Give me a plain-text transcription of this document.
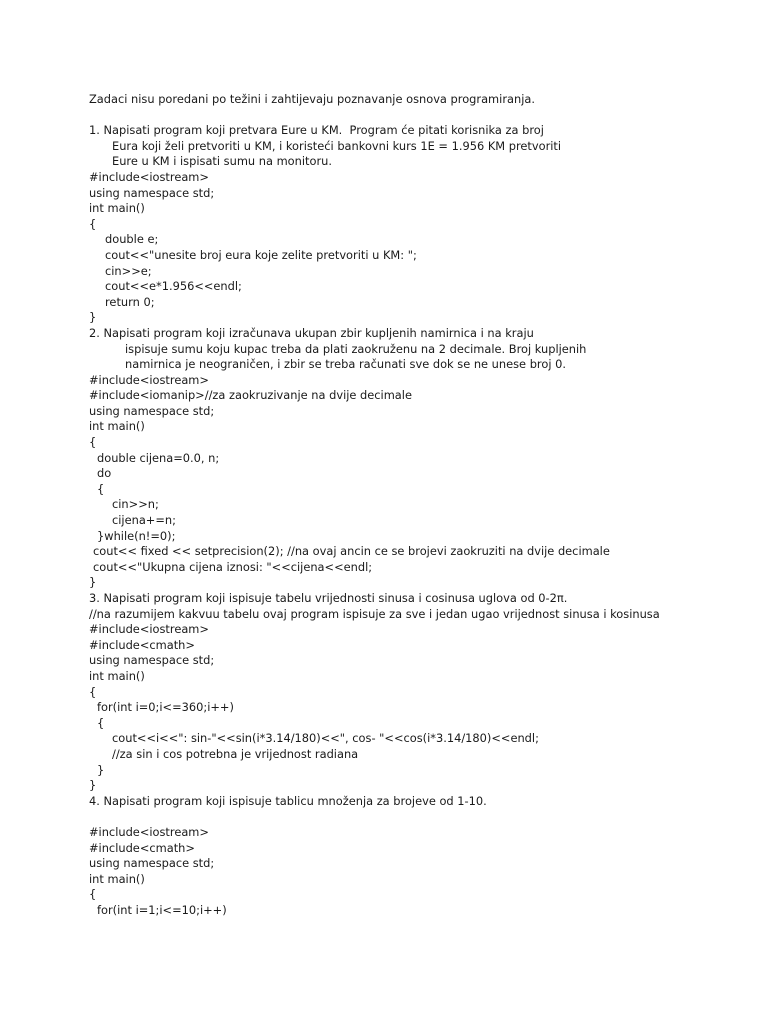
Zadaci nisu poredani po težini i zahtijevaju poznavanje osnova programiranja.
1. Napisati program koji pretvara Eure u KM.  Program će pitati korisnika za broj
Eura koji želi pretvoriti u KM, i koristeći bankovni kurs 1E = 1.956 KM pretvoriti
Eure u KM i ispisati sumu na monitoru.
#include<iostream>
using namespace std;
int main()
{
double e;
cout<<"unesite broj eura koje zelite pretvoriti u KM: ";
cin>>e;
cout<<e*1.956<<endl;
return 0;
}
2. Napisati program koji izračunava ukupan zbir kupljenih namirnica i na kraju
ispisuje sumu koju kupac treba da plati zaokruženu na 2 decimale. Broj kupljenih
namirnica je neograničen, i zbir se treba računati sve dok se ne unese broj 0.
#include<iostream>
#include<iomanip>//za zaokruzivanje na dvije decimale
using namespace std;
int main()
{
double cijena=0.0, n;
do
{
cin>>n;
cijena+=n;
}while(n!=0);
cout<< fixed << setprecision(2); //na ovaj ancin ce se brojevi zaokruziti na dvije decimale
cout<<"Ukupna cijena iznosi: "<<cijena<<endl;
}
3. Napisati program koji ispisuje tabelu vrijednosti sinusa i cosinusa uglova od 0-2π.
//na razumijem kakvuu tabelu ovaj program ispisuje za sve i jedan ugao vrijednost sinusa i kosinusa
#include<iostream>
#include<cmath>
using namespace std;
int main()
{
for(int i=0;i<=360;i++)
{
cout<<i<<": sin-"<<sin(i*3.14/180)<<", cos- "<<cos(i*3.14/180)<<endl;
//za sin i cos potrebna je vrijednost radiana
}
}
4. Napisati program koji ispisuje tablicu množenja za brojeve od 1-10.
#include<iostream>
#include<cmath>
using namespace std;
int main()
{
for(int i=1;i<=10;i++)
